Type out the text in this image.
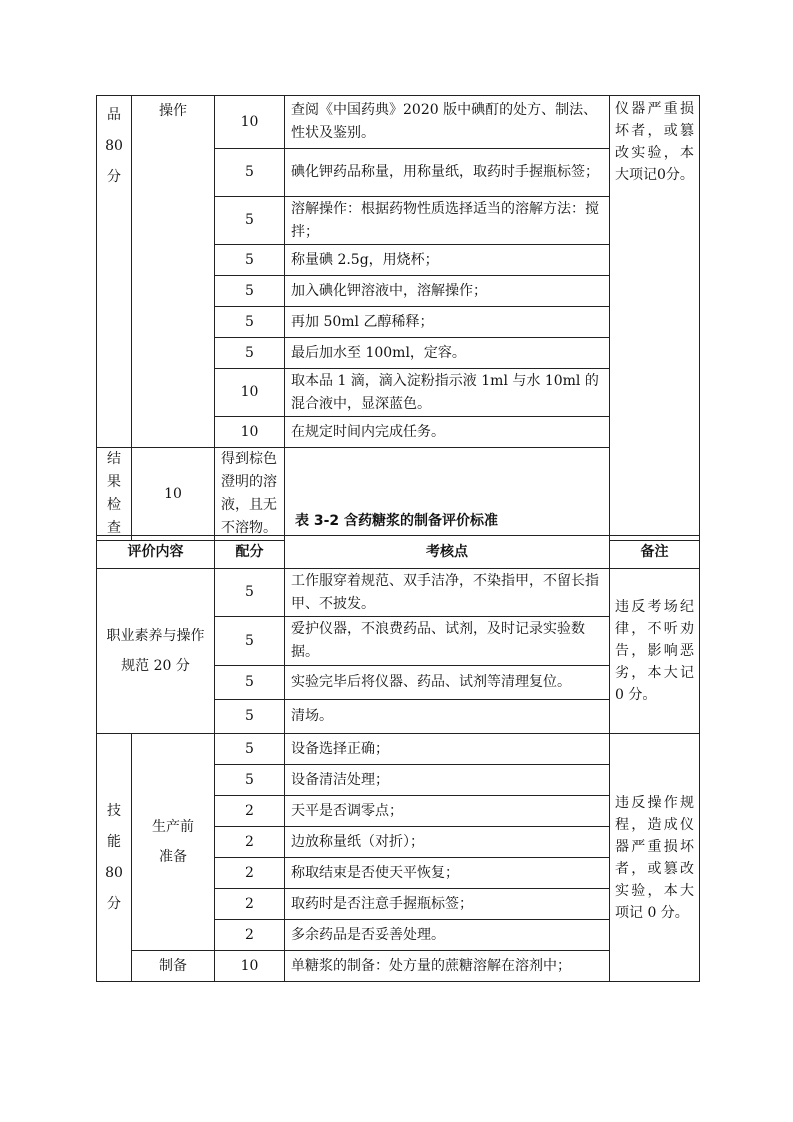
品
80
分	操作	10	查阅《中国药典》2020 版中碘酊的处方、制法、性状及鉴别。	仪器严重损坏者，或篡改实验，本大项记0分。
		5	碘化钾药品称量，用称量纸，取药时手握瓶标签；	
		5	溶解操作：根据药物性质选择适当的溶解方法：搅拌；	
		5	称量碘 2.5g，用烧杯；	
		5	加入碘化钾溶液中，溶解操作；	
		5	再加 50ml 乙醇稀释；	
		5	最后加水至 100ml，定容。	
		10	取本品 1 滴，滴入淀粉指示液 1ml 与水 10ml 的混合液中，显深蓝色。	
		10	在规定时间内完成任务。	
结果检查	10	得到棕色澄明的溶液，且无不溶物。			表 3-2 含药糖浆的制备评价标准
评价内容		配分	考核点	备注
职业素养与操作规范 20 分		5	工作服穿着规范、双手洁净，不染指甲，不留长指甲、不披发。	违反考场纪律，不听劝告，影响恶劣，本大记 0 分。
		5	爱护仪器，不浪费药品、试剂，及时记录实验数据。	
		5	实验完毕后将仪器、药品、试剂等清理复位。	
		5	清场。	
技
能
80
分	生产前准备	5	设备选择正确；	违反操作规程，造成仪器严重损坏者，或篡改实验，本大项记 0 分。
		5	设备清洁处理；	
		2	天平是否调零点；	
		2	边放称量纸（对折）；	
		2	称取结束是否使天平恢复；	
		2	取药时是否注意手握瓶标签；	
		2	多余药品是否妥善处理。	
	制备	10	单糖浆的制备：处方量的蔗糖溶解在溶剂中；	
